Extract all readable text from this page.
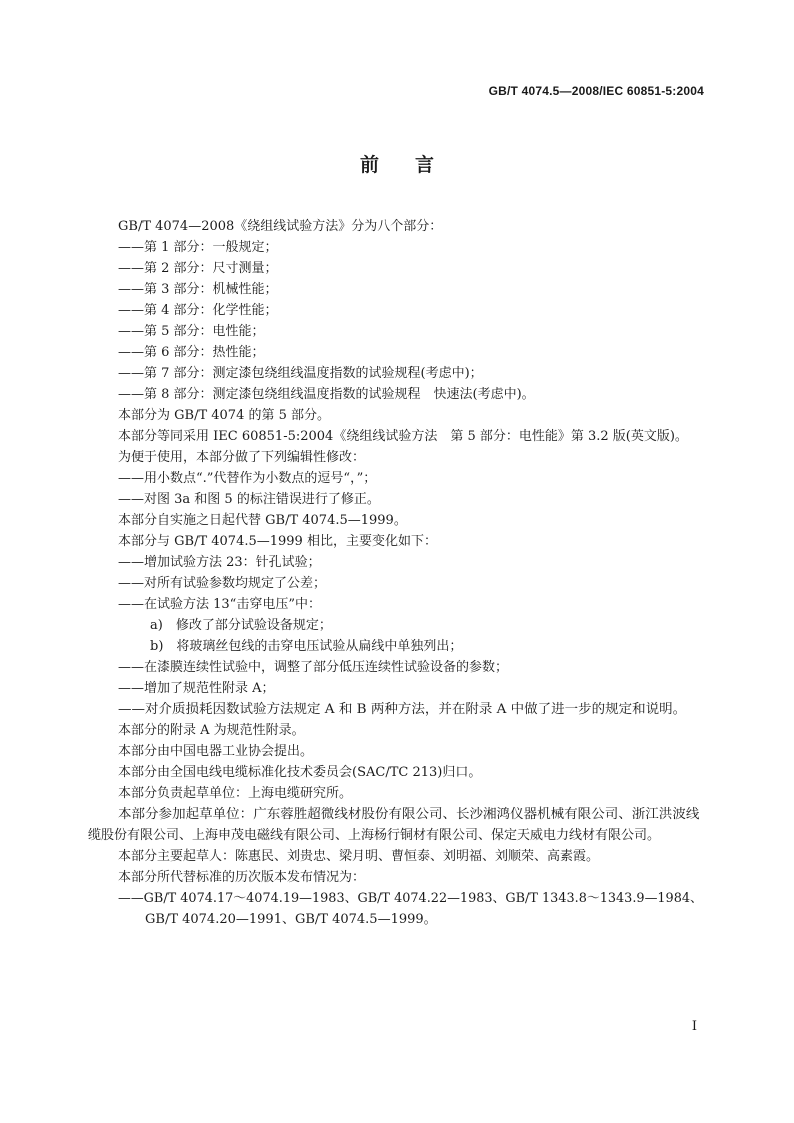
GB/T 4074.5—2008/IEC 60851-5:2004
前言
GB/T 4074—2008《绕组线试验方法》分为八个部分：
——第 1 部分：一般规定；
——第 2 部分：尺寸测量；
——第 3 部分：机械性能；
——第 4 部分：化学性能；
——第 5 部分：电性能；
——第 6 部分：热性能；
——第 7 部分：测定漆包绕组线温度指数的试验规程(考虑中)；
——第 8 部分：测定漆包绕组线温度指数的试验规程　快速法(考虑中)。
本部分为 GB/T 4074 的第 5 部分。
本部分等同采用 IEC 60851-5:2004《绕组线试验方法　第 5 部分：电性能》第 3.2 版(英文版)。
为便于使用，本部分做了下列编辑性修改：
——用小数点“.”代替作为小数点的逗号“，”；
——对图 3a 和图 5 的标注错误进行了修正。
本部分自实施之日起代替 GB/T 4074.5—1999。
本部分与 GB/T 4074.5—1999 相比，主要变化如下：
——增加试验方法 23：针孔试验；
——对所有试验参数均规定了公差；
——在试验方法 13“击穿电压”中：
a)　修改了部分试验设备规定；
b)　将玻璃丝包线的击穿电压试验从扁线中单独列出；
——在漆膜连续性试验中，调整了部分低压连续性试验设备的参数；
——增加了规范性附录 A；
——对介质损耗因数试验方法规定 A 和 B 两种方法，并在附录 A 中做了进一步的规定和说明。
本部分的附录 A 为规范性附录。
本部分由中国电器工业协会提出。
本部分由全国电线电缆标准化技术委员会(SAC/TC 213)归口。
本部分负责起草单位：上海电缆研究所。
本部分参加起草单位：广东蓉胜超微线材股份有限公司、长沙湘鸿仪器机械有限公司、浙江洪波线
缆股份有限公司、上海申茂电磁线有限公司、上海杨行铜材有限公司、保定天威电力线材有限公司。
本部分主要起草人：陈惠民、刘贵忠、梁月明、曹恒泰、刘明福、刘顺荣、高素霞。
本部分所代替标准的历次版本发布情况为：
——GB/T 4074.17～4074.19—1983、GB/T 4074.22—1983、GB/T 1343.8～1343.9—1984、
GB/T 4074.20—1991、GB/T 4074.5—1999。
I
